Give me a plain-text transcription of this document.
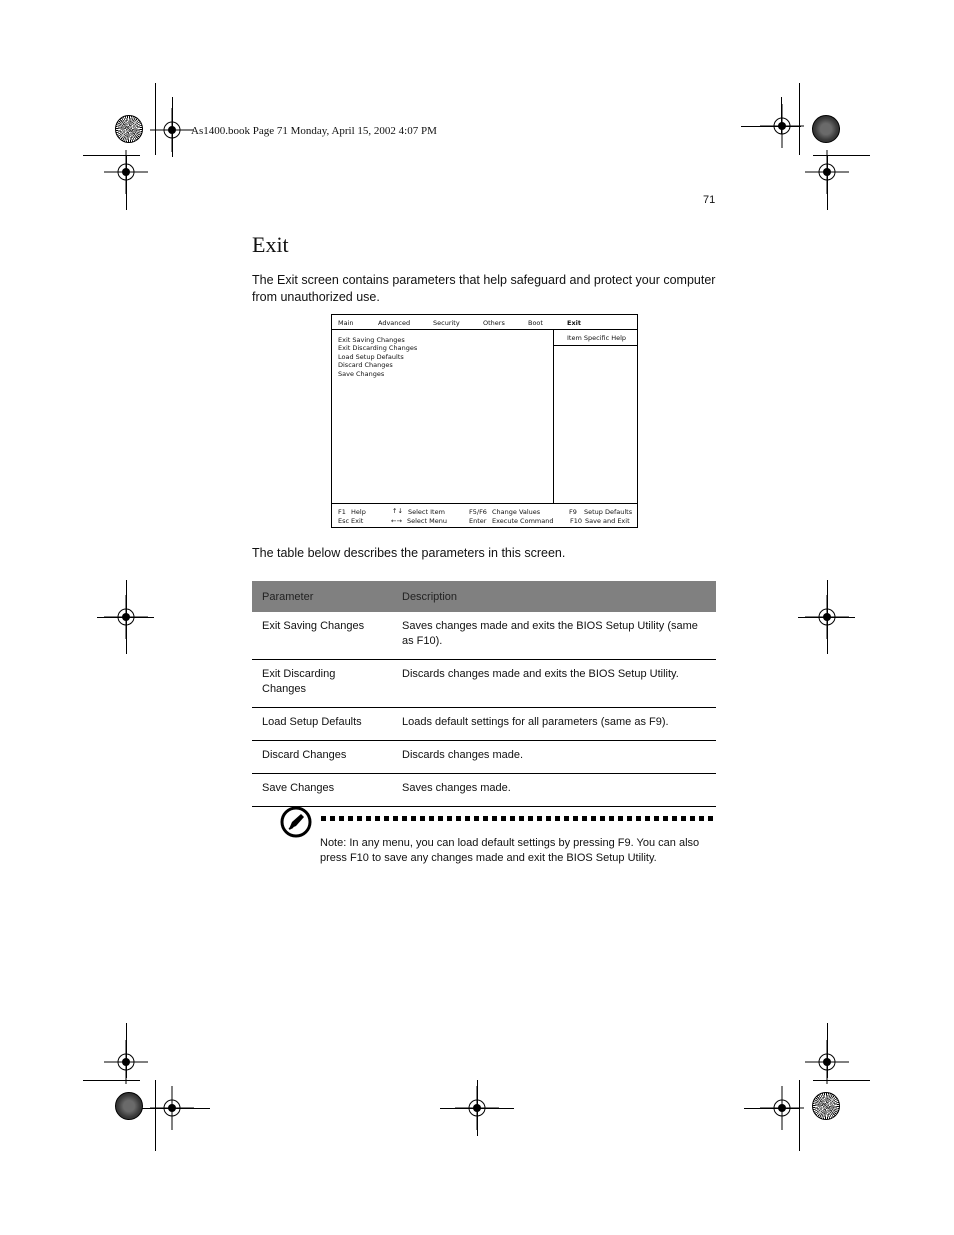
As1400.book Page 71 Monday, April 15, 2002 4:07 PM
71
Exit
The Exit screen contains parameters that help safeguard and protect your computer from unauthorized use.
Main	Advanced	Security	Others	Boot	Exit
Exit Saving Changes
Exit Discarding Changes
Load Setup Defaults
Discard Changes
Save Changes
Item Specific Help
F1 Help
Esc Exit
↑↓ Select Item
←→ Select Menu
F5/F6 Change Values
Enter Execute Command
F9 Setup Defaults
F10 Save and Exit
The table below describes the parameters in this screen.
Parameter	Description
Exit Saving Changes	Saves changes made and exits the BIOS Setup Utility (same as F10).
Exit Discarding Changes	Discards changes made and exits the BIOS Setup Utility.
Load Setup Defaults	Loads default settings for all parameters (same as F9).
Discard Changes	Discards changes made.
Save Changes	Saves changes made.
Note: In any menu, you can load default settings by pressing F9. You can also press F10 to save any changes made and exit the BIOS Setup Utility.
